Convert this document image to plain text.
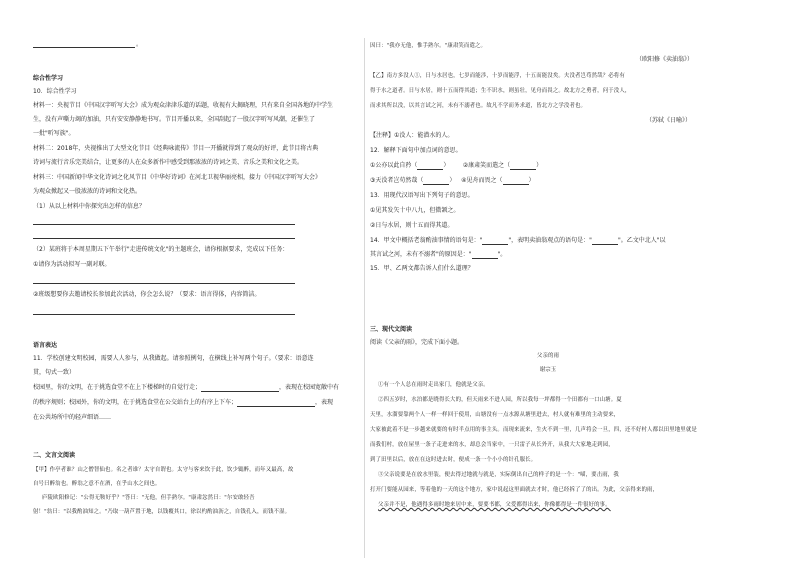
。
综合性学习
10．综合性学习
材料一：央视节目《中国汉字听写大会》成为观众津津乐道的话题，收视有大揭晓理，只有来自全国各地的中学生
生，没有声嘶力竭的加油，只有安安静静地书写。节目开播以来，全国刮起了一股汉字听写风潮，还催生了
一批"听写族"。
材料二：2018年，央视推出了大型文化节目《经典咏流传》节目一开播就得到了观众的好评，此节目将古典
诗词与流行音乐完美结合，让更多的人在众多新作中感受到那浓浓的诗词之美、音乐之美和文化之美。
材料三：中国新闻中华文化诗词之化风节目《中华好诗词》在河北卫视华丽亮相，接力《中国汉字听写大会》
为观众掀起又一股浓浓的诗词和文化热。
（1）从以上材料中你探究出怎样的信息？
（2）某班将于本周星期五下午举行"走进传统文化"的主题班会，请你根据要求，完成以下任务：
①请你为活动拟写一副对联。
②班级想要你去邀请校长参加此次活动，你会怎么说？（要求：语言得体，内容简洁。
语言表达
11．学校创建文明校园，需要人人参与，从我做起。请参照例句，在横线上补写两个句子。（要求：语意连
贯，句式一致）
校园里，你的文明，在于挑选食堂不在上下楼梯时的自觉行走；	，表现在校园宽敞中有
的秩序规则；校园外，你的文明，在于挑选食堂在公交站台上的有序上下车；	，表现
在公共场所中的轻声细语……
二、文言文阅读
【甲】作亭者谁？山之僧智仙也。名之者谁？太守自谓也。太守与客来饮于此，饮少辄醉，而年又最高，故
自号曰醉翁也。醉翁之意不在酒，在乎山水之间也。
庐陵欧阳修记："公得无鞍好乎？"答曰："无他，但手熟尔。"康肃忿然曰："尔安敢轻吾
射！"翁曰："以我酌油知之。"乃取一葫芦置于地，以钱覆其口，徐以杓酌油沥之，自钱孔入，而钱不湿。
因曰："我亦无他，惟手熟尔。"康肃笑而遣之。
（欧阳修《卖油翁》）
【乙】南方多没人①，日与水居也，七岁而能涉，十岁而能浮，十五而能没矣。夫没者岂苟然哉？必将有
得于水之道者。日与水居，则十五而得其道；生不识水，则虽壮，见舟而畏之。故北方之勇者，问于没人，
而求其所以没，以其言试之河，未有不溺者也。故凡不学而务求道，皆北方之学没者也。
（苏轼《日喻》）
【注释】①没人：能潜水的人。
12．解释下面句中加点词的意思。
①公亦以此自矜（	）       ②康肃笑而遣之（	）
③天没者岂苟然哉（	）   ④见舟而畏之（	）
13．用现代汉语写出下列句子的意思。
①见其发矢十中八九，但微颔之。
②日与水居，则十五而得其道。
14．甲文中概括老翁酌油事情的语句是："	"，表明卖油翁观点的语句是："	"。乙文中北人"以
其言试之河，未有不溺者"的原因是："	"。
15．甲、乙两文都告诉人们什么道理？
三、现代文阅读
阅读《父亲的雨》，完成下面小题。
父亲的雨
谢宗玉
①有一个人总在雨时走出家门，他就是父亲。
②四五岁时，水泊都是晓得长大的，但天雨来不进人园，所以我每一坪都得一个田都有一口山塘。夏
天里，水溜要靠两个人一样一样回于使用，山塘没有一点水源从塘里进去，村人就有难里的主动要来，
大家被此着不是一步越来就要的有时半点用的事主头。而现来流来，生火不到一里，几声将会一旦，四，还不好村人都以田里地里就是
而我们村，放在屋里一条子走进来的水，却总会当家中，一只雷子从长外开，从我大大家地走到园，
到了田里以后，放在在这时进去时，便成一条一个小小的针孔服长。
③父亲说要是在放水里装，便去得过地就与就是，实际倒出自己的样子的是一个："喵，要击雨，我
打开门要能从园来，等着他的一天的这个地方，家中说起这里面就去才时，他已经拆了了的出。为此，父亲得来的雨，
父亲并不是，他遇得多雨时地来居中来，要要书都，父爱都得出来，你像都得是一件很好的事。
